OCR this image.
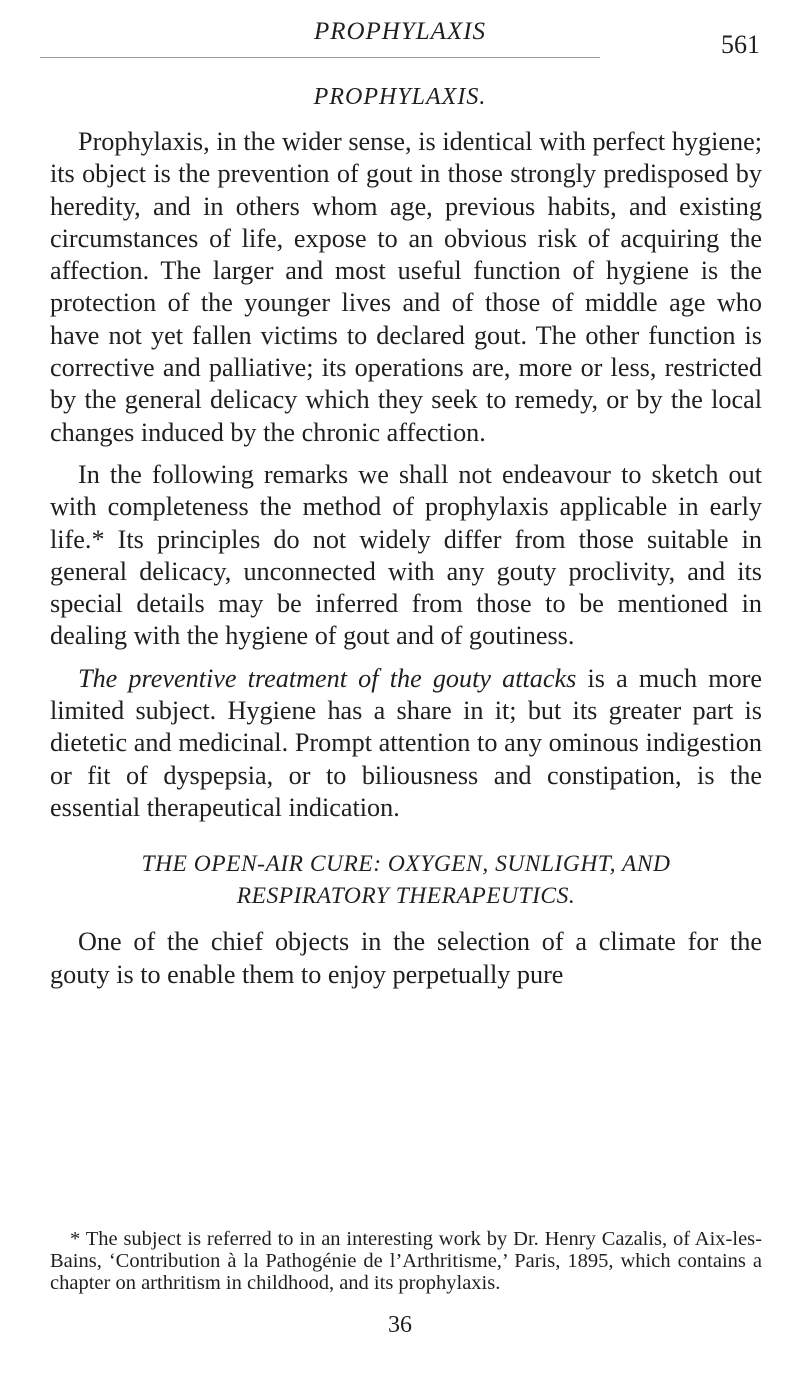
PROPHYLAXIS	561
PROPHYLAXIS.

Prophylaxis, in the wider sense, is identical with perfect hygiene; its object is the prevention of gout in those strongly predisposed by heredity, and in others whom age, previous habits, and existing circumstances of life, expose to an obvious risk of acquiring the affection. The larger and most useful function of hygiene is the protection of the younger lives and of those of middle age who have not yet fallen victims to declared gout. The other function is corrective and palliative; its operations are, more or less, restricted by the general delicacy which they seek to remedy, or by the local changes induced by the chronic affection.

In the following remarks we shall not endeavour to sketch out with completeness the method of prophylaxis applicable in early life.* Its principles do not widely differ from those suitable in general delicacy, unconnected with any gouty proclivity, and its special details may be inferred from those to be mentioned in dealing with the hygiene of gout and of goutiness.

The preventive treatment of the gouty attacks is a much more limited subject. Hygiene has a share in it; but its greater part is dietetic and medicinal. Prompt attention to any ominous indigestion or fit of dyspepsia, or to biliousness and constipation, is the essential therapeutical indication.

THE OPEN-AIR CURE: OXYGEN, SUNLIGHT, AND
RESPIRATORY THERAPEUTICS.

One of the chief objects in the selection of a climate for the gouty is to enable them to enjoy perpetually pure

* The subject is referred to in an interesting work by Dr. Henry Cazalis, of Aix-les-Bains, ‘Contribution à la Pathogénie de l’Arthritisme,’ Paris, 1895, which contains a chapter on arthritism in childhood, and its prophylaxis.
36
